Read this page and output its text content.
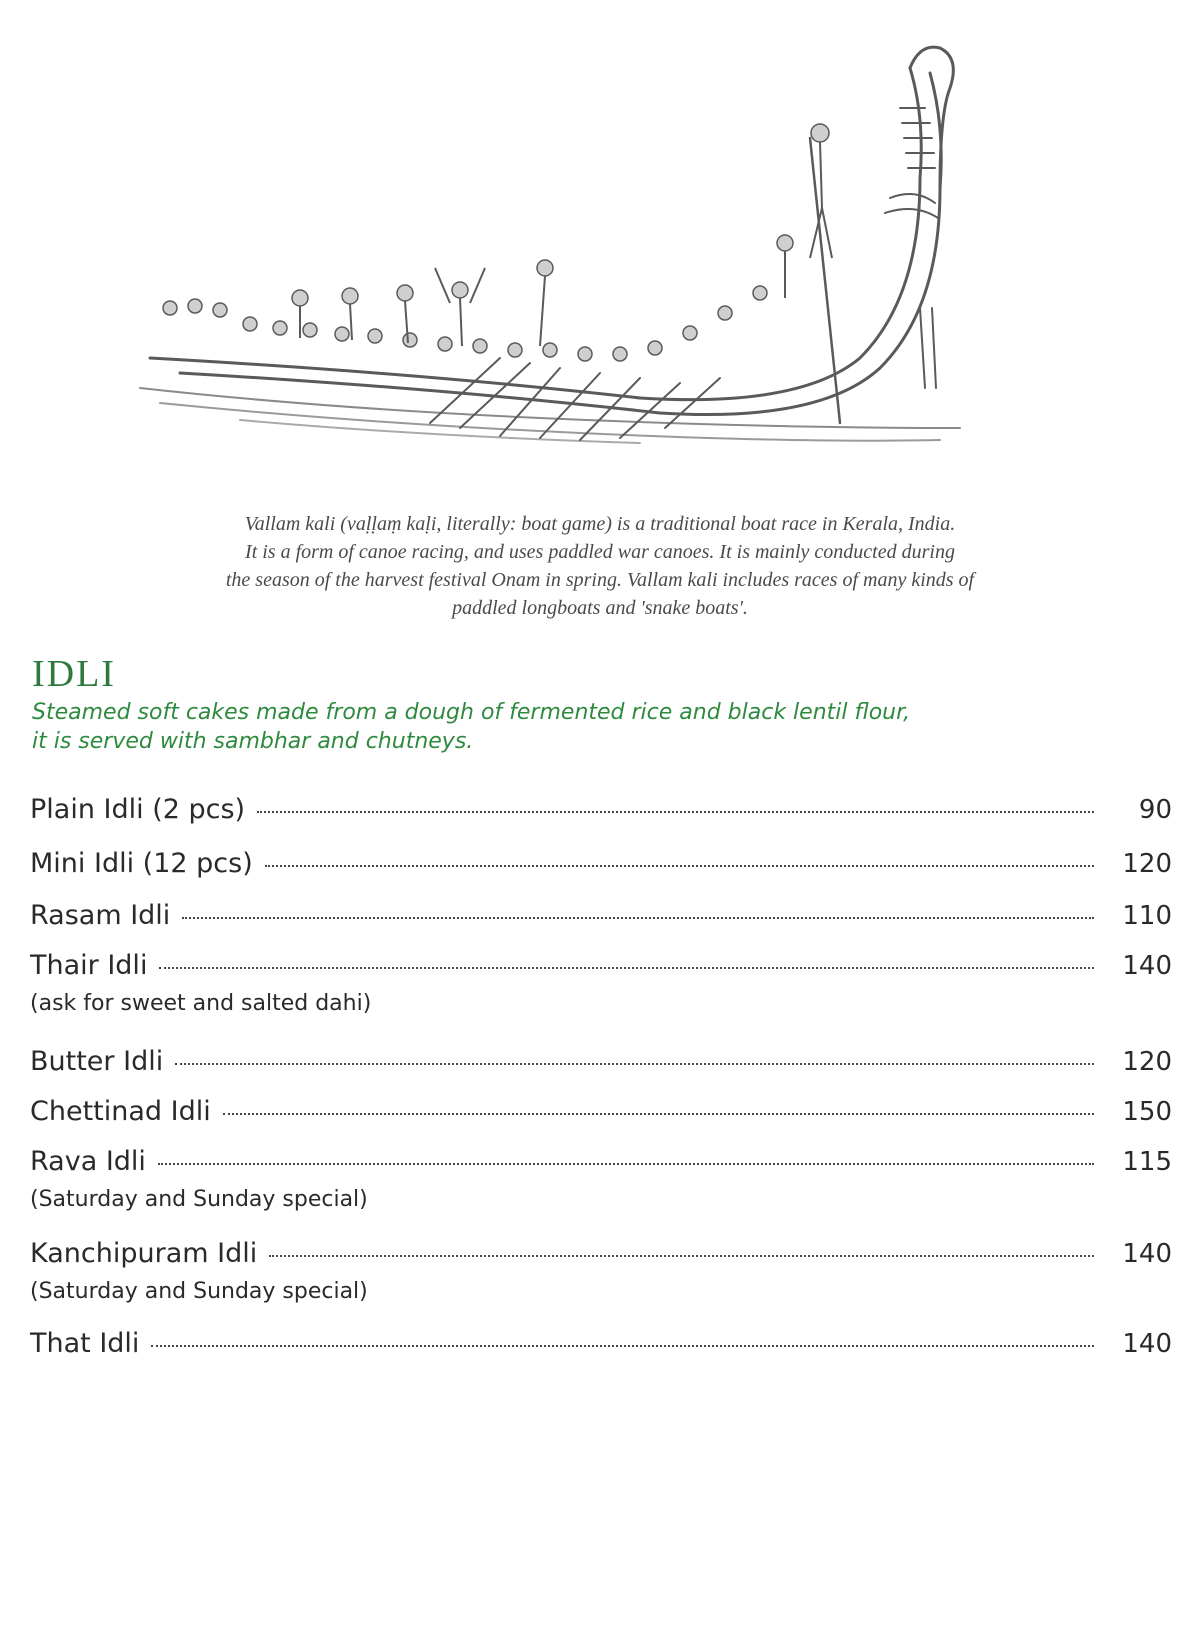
Vallam kali (vaḷḷaṃ kaḷi, literally: boat game) is a traditional boat race in Kerala, India.
It is a form of canoe racing, and uses paddled war canoes. It is mainly conducted during
the season of the harvest festival Onam in spring. Vallam kali includes races of many kinds of
paddled longboats and 'snake boats'.
IDLI
Steamed soft cakes made from a dough of fermented rice and black lentil flour,
it is served with sambhar and chutneys.
Plain Idli (2 pcs)	90
Mini Idli (12 pcs)	120
Rasam Idli	110
Thair Idli	140
(ask for sweet and salted dahi)
Butter Idli	120
Chettinad Idli	150
Rava Idli	115
(Saturday and Sunday special)
Kanchipuram Idli	140
(Saturday and Sunday special)
That Idli	140
